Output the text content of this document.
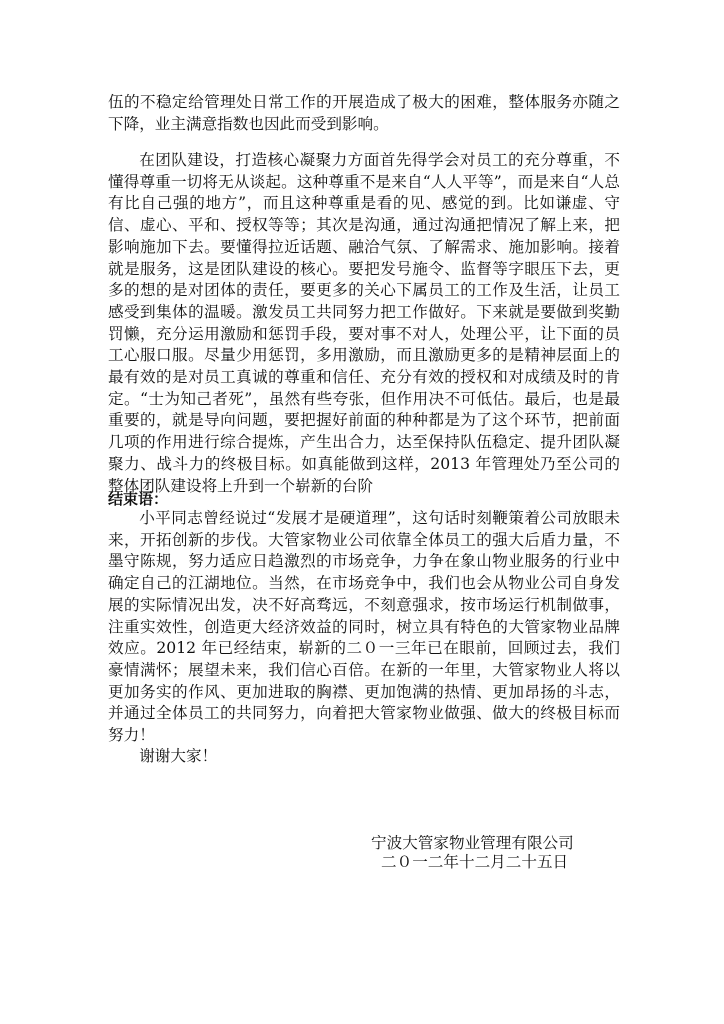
伍的不稳定给管理处日常工作的开展造成了极大的困难，整体服务亦随之下降，业主满意指数也因此而受到影响。

在团队建设，打造核心凝聚力方面首先得学会对员工的充分尊重，不懂得尊重一切将无从谈起。这种尊重不是来自“人人平等”，而是来自“人总有比自己强的地方”，而且这种尊重是看的见、感觉的到。比如谦虚、守信、虚心、平和、授权等等；其次是沟通，通过沟通把情况了解上来，把影响施加下去。要懂得拉近话题、融洽气氛、了解需求、施加影响。接着就是服务，这是团队建设的核心。要把发号施令、监督等字眼压下去，更多的想的是对团体的责任，要更多的关心下属员工的工作及生活，让员工感受到集体的温暖。激发员工共同努力把工作做好。下来就是要做到奖勤罚懒，充分运用激励和惩罚手段，要对事不对人，处理公平，让下面的员工心服口服。尽量少用惩罚，多用激励，而且激励更多的是精神层面上的最有效的是对员工真诚的尊重和信任、充分有效的授权和对成绩及时的肯定。“士为知己者死”，虽然有些夸张，但作用决不可低估。最后，也是最重要的，就是导向问题，要把握好前面的种种都是为了这个环节，把前面几项的作用进行综合提炼，产生出合力，达至保持队伍稳定、提升团队凝聚力、战斗力的终极目标。如真能做到这样，2013 年管理处乃至公司的整体团队建设将上升到一个崭新的台阶

结束语：

小平同志曾经说过“发展才是硬道理”，这句话时刻鞭策着公司放眼未来，开拓创新的步伐。大管家物业公司依靠全体员工的强大后盾力量，不墨守陈规，努力适应日趋激烈的市场竞争，力争在象山物业服务的行业中确定自己的江湖地位。当然，在市场竞争中，我们也会从物业公司自身发展的实际情况出发，决不好高骛远，不刻意强求，按市场运行机制做事，注重实效性，创造更大经济效益的同时，树立具有特色的大管家物业品牌效应。2012 年已经结束，崭新的二０一三年已在眼前，回顾过去，我们豪情满怀；展望未来，我们信心百倍。在新的一年里，大管家物业人将以更加务实的作风、更加进取的胸襟、更加饱满的热情、更加昂扬的斗志，并通过全体员工的共同努力，向着把大管家物业做强、做大的终极目标而努力！

谢谢大家！
宁波大管家物业管理有限公司
二０一二年十二月二十五日
